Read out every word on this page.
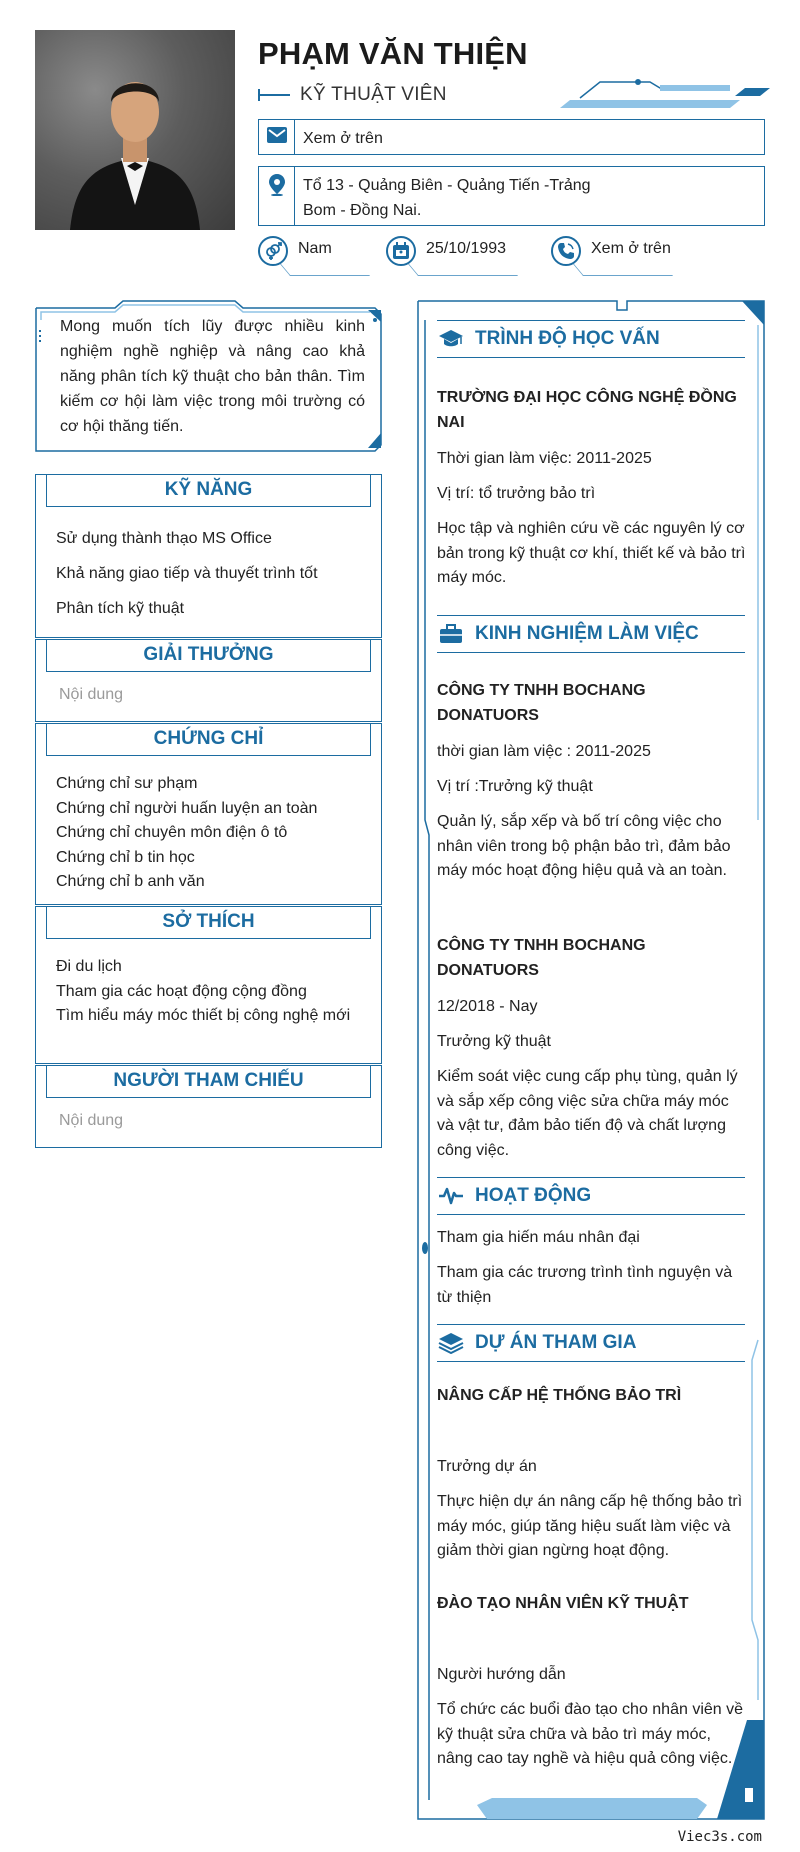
PHẠM VĂN THIỆN
KỸ THUẬT VIÊN
Xem ở trên
Tổ 13 - Quảng Biên - Quảng Tiến -Trảng Bom - Đồng Nai.
Nam	25/10/1993	Xem ở trên

Mong muốn tích lũy được nhiều kinh nghiệm nghề nghiệp và nâng cao khả năng phân tích kỹ thuật cho bản thân. Tìm kiếm cơ hội làm việc trong môi trường có cơ hội thăng tiến.

KỸ NĂNG
Sử dụng thành thạo MS Office
Khả năng giao tiếp và thuyết trình tốt
Phân tích kỹ thuật
GIẢI THƯỞNG
Nội dung
CHỨNG CHỈ
Chứng chỉ sư phạm
Chứng chỉ người huấn luyện an toàn
Chứng chỉ chuyên môn điện ô tô
Chứng chỉ b tin học
Chứng chỉ b anh văn
SỞ THÍCH
Đi du lịch
Tham gia các hoạt động cộng đồng
Tìm hiểu máy móc thiết bị công nghệ mới
NGƯỜI THAM CHIẾU
Nội dung
TRÌNH ĐỘ HỌC VẤN
TRƯỜNG ĐẠI HỌC CÔNG NGHỆ ĐỒNG NAI
Thời gian làm việc: 2011-2025
Vị trí: tổ trưởng bảo trì
Học tập và nghiên cứu về các nguyên lý cơ bản trong kỹ thuật cơ khí, thiết kế và bảo trì máy móc.
KINH NGHIỆM LÀM VIỆC
CÔNG TY TNHH BOCHANG DONATUORS
thời gian làm việc : 2011-2025
Vị trí :Trưởng kỹ thuật
Quản lý, sắp xếp và bố trí công việc cho nhân viên trong bộ phận bảo trì, đảm bảo máy móc hoạt động hiệu quả và an toàn.
CÔNG TY TNHH BOCHANG DONATUORS
12/2018 - Nay
Trưởng kỹ thuật
Kiểm soát việc cung cấp phụ tùng, quản lý và sắp xếp công việc sửa chữa máy móc và vật tư, đảm bảo tiến độ và chất lượng công việc.
HOẠT ĐỘNG
Tham gia hiến máu nhân đại
Tham gia các trương trình tình nguyện và từ thiện
DỰ ÁN THAM GIA
NÂNG CẤP HỆ THỐNG BẢO TRÌ
Trưởng dự án
Thực hiện dự án nâng cấp hệ thống bảo trì máy móc, giúp tăng hiệu suất làm việc và giảm thời gian ngừng hoạt động.
ĐÀO TẠO NHÂN VIÊN KỸ THUẬT
Người hướng dẫn
Tổ chức các buổi đào tạo cho nhân viên về kỹ thuật sửa chữa và bảo trì máy móc, nâng cao tay nghề và hiệu quả công việc.
Viec3s.com
